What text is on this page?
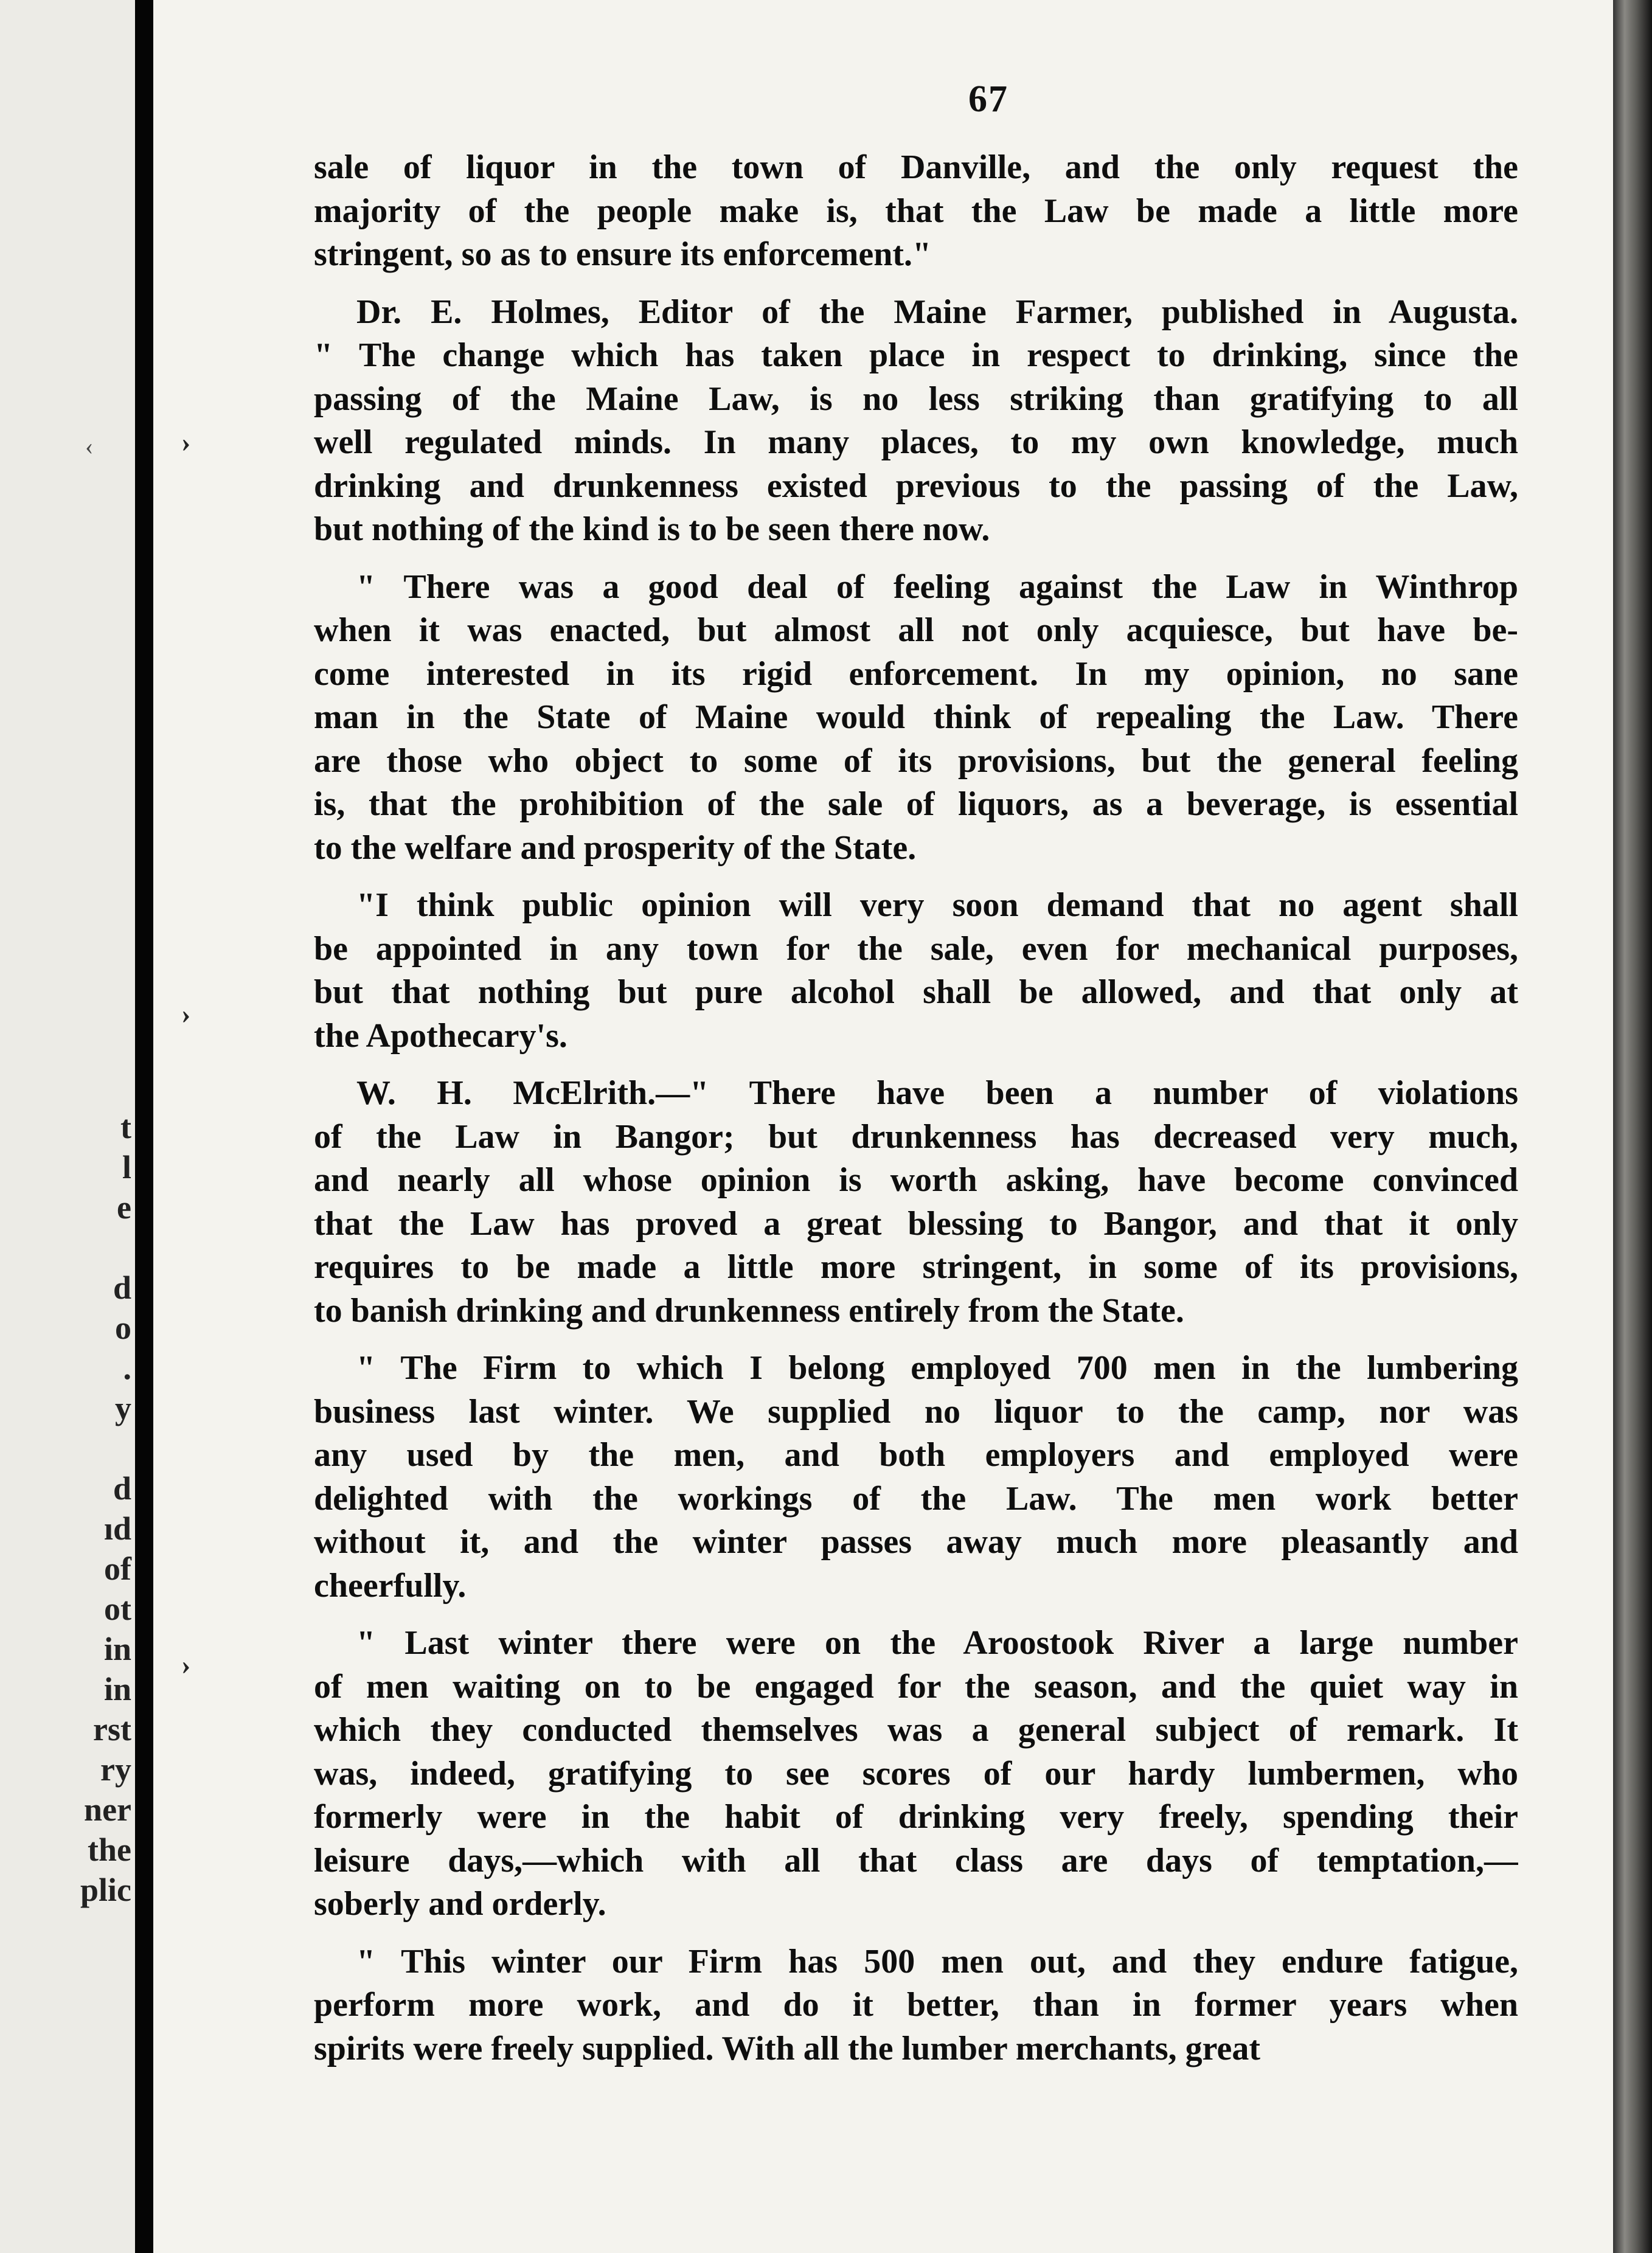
‹
t
l
e
d
o
.
y
d
ıd
of
ot
in
in
rst
ry
ner
the
plic
›
›
›
67
sale of liquor in the town of Danville, and the only request the
majority of the people make is, that the Law be made a little more
stringent, so as to ensure its enforcement."
Dr. E. Holmes, Editor of the Maine Farmer, published in Augusta.
" The change which has taken place in respect to drinking, since the
passing of the Maine Law, is no less striking than gratifying to all
well regulated minds. In many places, to my own knowledge, much
drinking and drunkenness existed previous to the passing of the Law,
but nothing of the kind is to be seen there now.
" There was a good deal of feeling against the Law in Winthrop
when it was enacted, but almost all not only acquiesce, but have be-
come interested in its rigid enforcement. In my opinion, no sane
man in the State of Maine would think of repealing the Law. There
are those who object to some of its provisions, but the general feeling
is, that the prohibition of the sale of liquors, as a beverage, is essential
to the welfare and prosperity of the State.
"I think public opinion will very soon demand that no agent shall
be appointed in any town for the sale, even for mechanical purposes,
but that nothing but pure alcohol shall be allowed, and that only at
the Apothecary's.
W. H. McElrith.—" There have been a number of violations
of the Law in Bangor; but drunkenness has decreased very much,
and nearly all whose opinion is worth asking, have become convinced
that the Law has proved a great blessing to Bangor, and that it only
requires to be made a little more stringent, in some of its provisions,
to banish drinking and drunkenness entirely from the State.
" The Firm to which I belong employed 700 men in the lumbering
business last winter. We supplied no liquor to the camp, nor was
any used by the men, and both employers and employed were
delighted with the workings of the Law. The men work better
without it, and the winter passes away much more pleasantly and
cheerfully.
" Last winter there were on the Aroostook River a large number
of men waiting on to be engaged for the season, and the quiet way in
which they conducted themselves was a general subject of remark. It
was, indeed, gratifying to see scores of our hardy lumbermen, who
formerly were in the habit of drinking very freely, spending their
leisure days,—which with all that class are days of temptation,—
soberly and orderly.
" This winter our Firm has 500 men out, and they endure fatigue,
perform more work, and do it better, than in former years when
spirits were freely supplied. With all the lumber merchants, great
